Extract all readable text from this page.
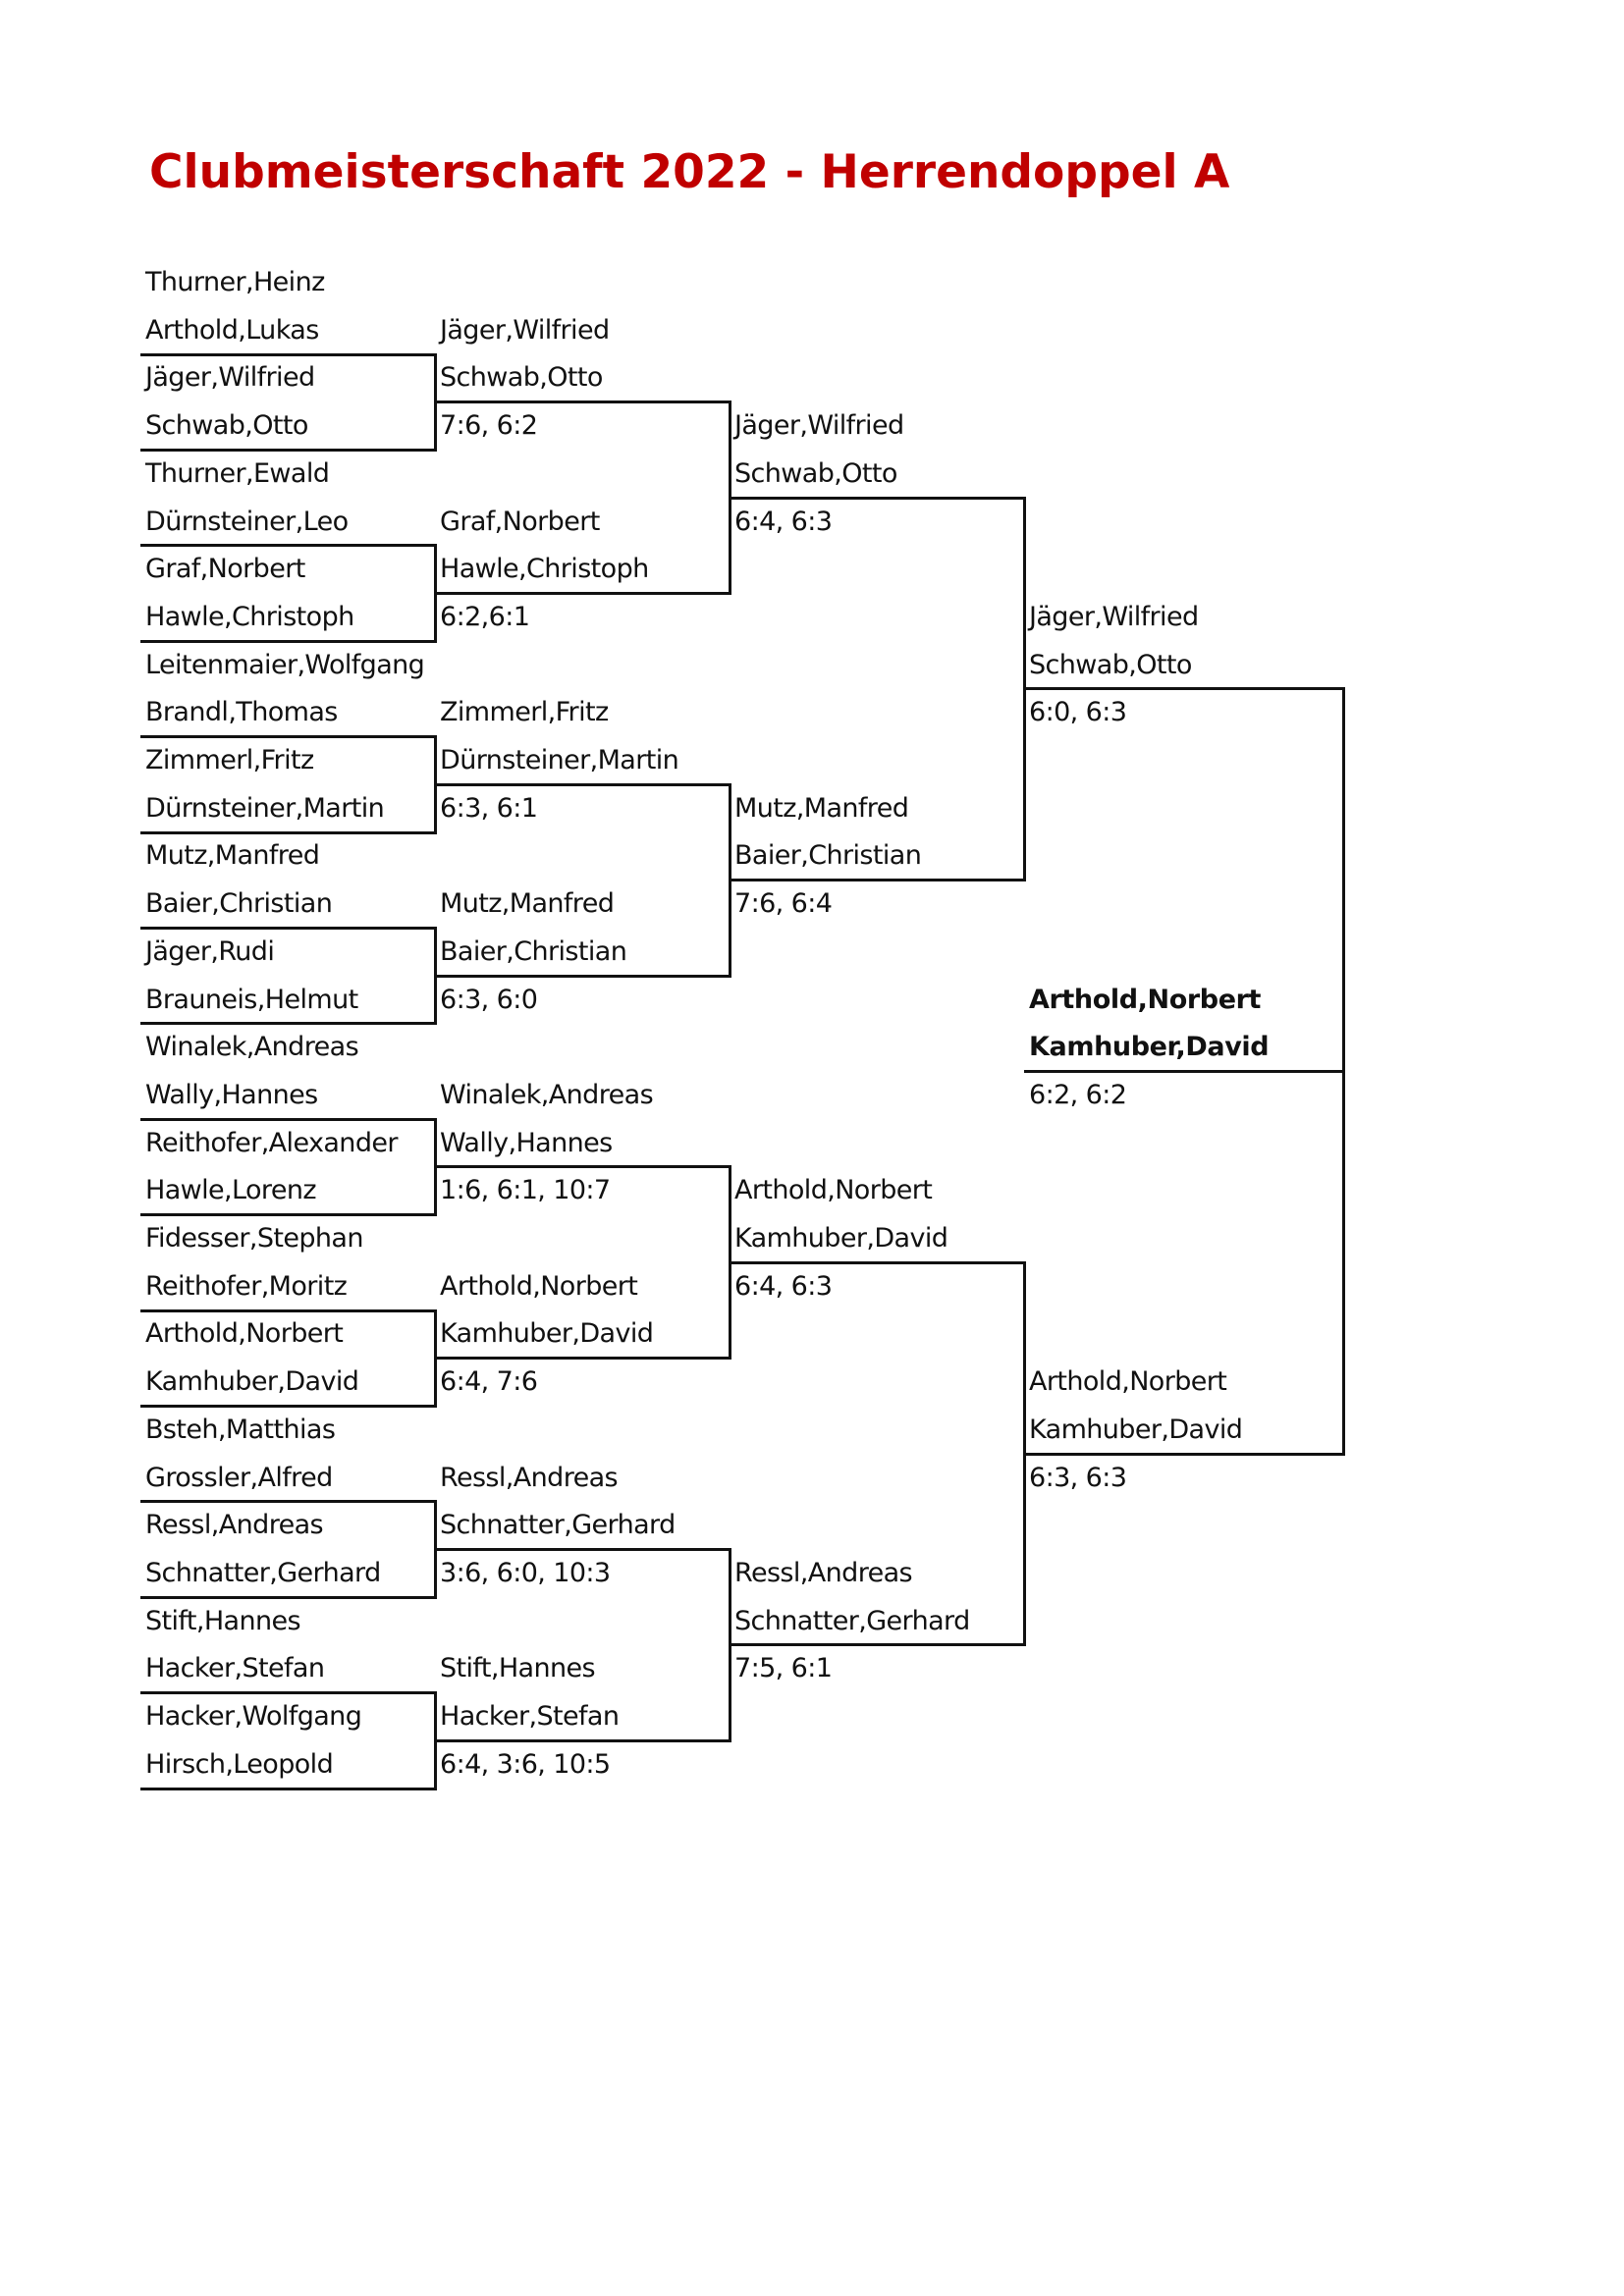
Clubmeisterschaft 2022 - Herrendoppel A
Thurner,Heinz
Arthold,Lukas
Jäger,Wilfried
Schwab,Otto
Thurner,Ewald
Dürnsteiner,Leo
Graf,Norbert
Hawle,Christoph
Leitenmaier,Wolfgang
Brandl,Thomas
Zimmerl,Fritz
Dürnsteiner,Martin
Mutz,Manfred
Baier,Christian
Jäger,Rudi
Brauneis,Helmut
Winalek,Andreas
Wally,Hannes
Reithofer,Alexander
Hawle,Lorenz
Fidesser,Stephan
Reithofer,Moritz
Arthold,Norbert
Kamhuber,David
Bsteh,Matthias
Grossler,Alfred
Ressl,Andreas
Schnatter,Gerhard
Stift,Hannes
Hacker,Stefan
Hacker,Wolfgang
Hirsch,Leopold
Jäger,Wilfried
Schwab,Otto
7:6, 6:2
Graf,Norbert
Hawle,Christoph
6:2,6:1
Zimmerl,Fritz
Dürnsteiner,Martin
6:3, 6:1
Mutz,Manfred
Baier,Christian
6:3, 6:0
Winalek,Andreas
Wally,Hannes
1:6, 6:1, 10:7
Arthold,Norbert
Kamhuber,David
6:4, 7:6
Ressl,Andreas
Schnatter,Gerhard
3:6, 6:0, 10:3
Stift,Hannes
Hacker,Stefan
6:4, 3:6, 10:5
Jäger,Wilfried
Schwab,Otto
6:4, 6:3
Mutz,Manfred
Baier,Christian
7:6, 6:4
Arthold,Norbert
Kamhuber,David
6:4, 6:3
Ressl,Andreas
Schnatter,Gerhard
7:5, 6:1
Jäger,Wilfried
Schwab,Otto
6:0, 6:3
Arthold,Norbert
Kamhuber,David
6:3, 6:3
Arthold,Norbert
Kamhuber,David
6:2, 6:2
